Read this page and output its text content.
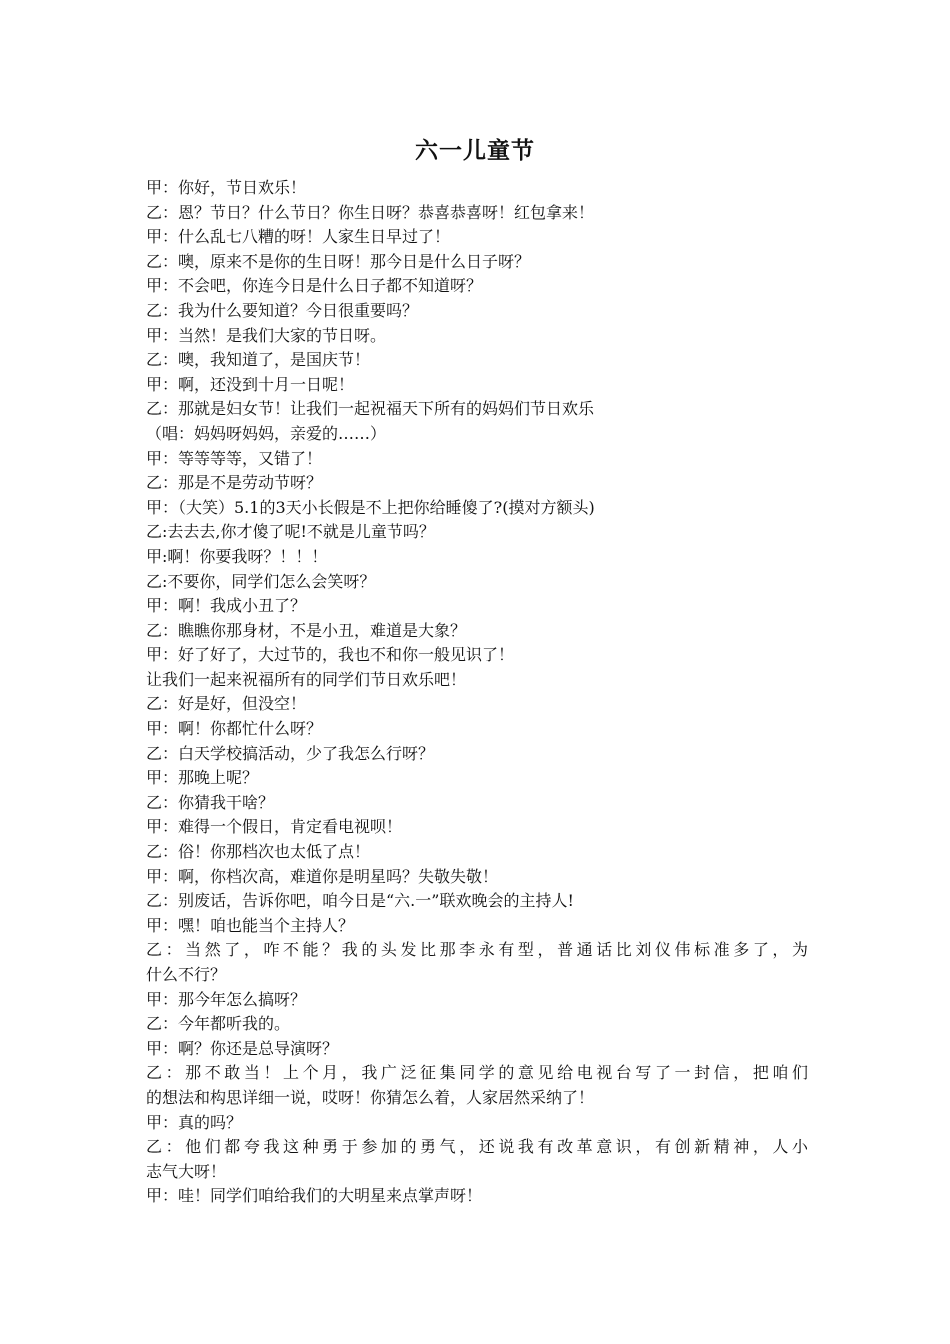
六一儿童节
甲：你好，节日欢乐！
乙：恩？节日？什么节日？你生日呀？恭喜恭喜呀！红包拿来！
甲：什么乱七八糟的呀！人家生日早过了！
乙：噢，原来不是你的生日呀！那今日是什么日子呀？
甲：不会吧，你连今日是什么日子都不知道呀？
乙：我为什么要知道？今日很重要吗？
甲：当然！是我们大家的节日呀。
乙：噢，我知道了，是国庆节！
甲：啊，还没到十月一日呢！
乙：那就是妇女节！让我们一起祝福天下所有的妈妈们节日欢乐
（唱：妈妈呀妈妈，亲爱的……）
甲：等等等等，又错了！
乙：那是不是劳动节呀？
甲：（大笑）5.1的3天小长假是不上把你给睡傻了?(摸对方额头)
乙:去去去,你才傻了呢!不就是儿童节吗？
甲:啊！你要我呀？！！！
乙:不要你，同学们怎么会笑呀？
甲：啊！我成小丑了？
乙：瞧瞧你那身材，不是小丑，难道是大象？
甲：好了好了，大过节的，我也不和你一般见识了！
让我们一起来祝福所有的同学们节日欢乐吧！
乙：好是好，但没空！
甲：啊！你都忙什么呀？
乙：白天学校搞活动，少了我怎么行呀？
甲：那晚上呢？
乙：你猜我干啥？
甲：难得一个假日，肯定看电视呗！
乙：俗！你那档次也太低了点！
甲：啊，你档次高，难道你是明星吗？失敬失敬！
乙：别废话，告诉你吧，咱今日是“六.一”联欢晚会的主持人!
甲：嘿！咱也能当个主持人？
乙：当然了，咋不能？我的头发比那李永有型，普通话比刘仪伟标准多了，为
什么不行？
甲：那今年怎么搞呀？
乙：今年都听我的。
甲：啊？你还是总导演呀？
乙：那不敢当！上个月，我广泛征集同学的意见给电视台写了一封信，把咱们
的想法和构思详细一说，哎呀！你猜怎么着，人家居然采纳了！
甲：真的吗？
乙：他们都夸我这种勇于参加的勇气，还说我有改革意识，有创新精神，人小
志气大呀！
甲：哇！同学们咱给我们的大明星来点掌声呀！
